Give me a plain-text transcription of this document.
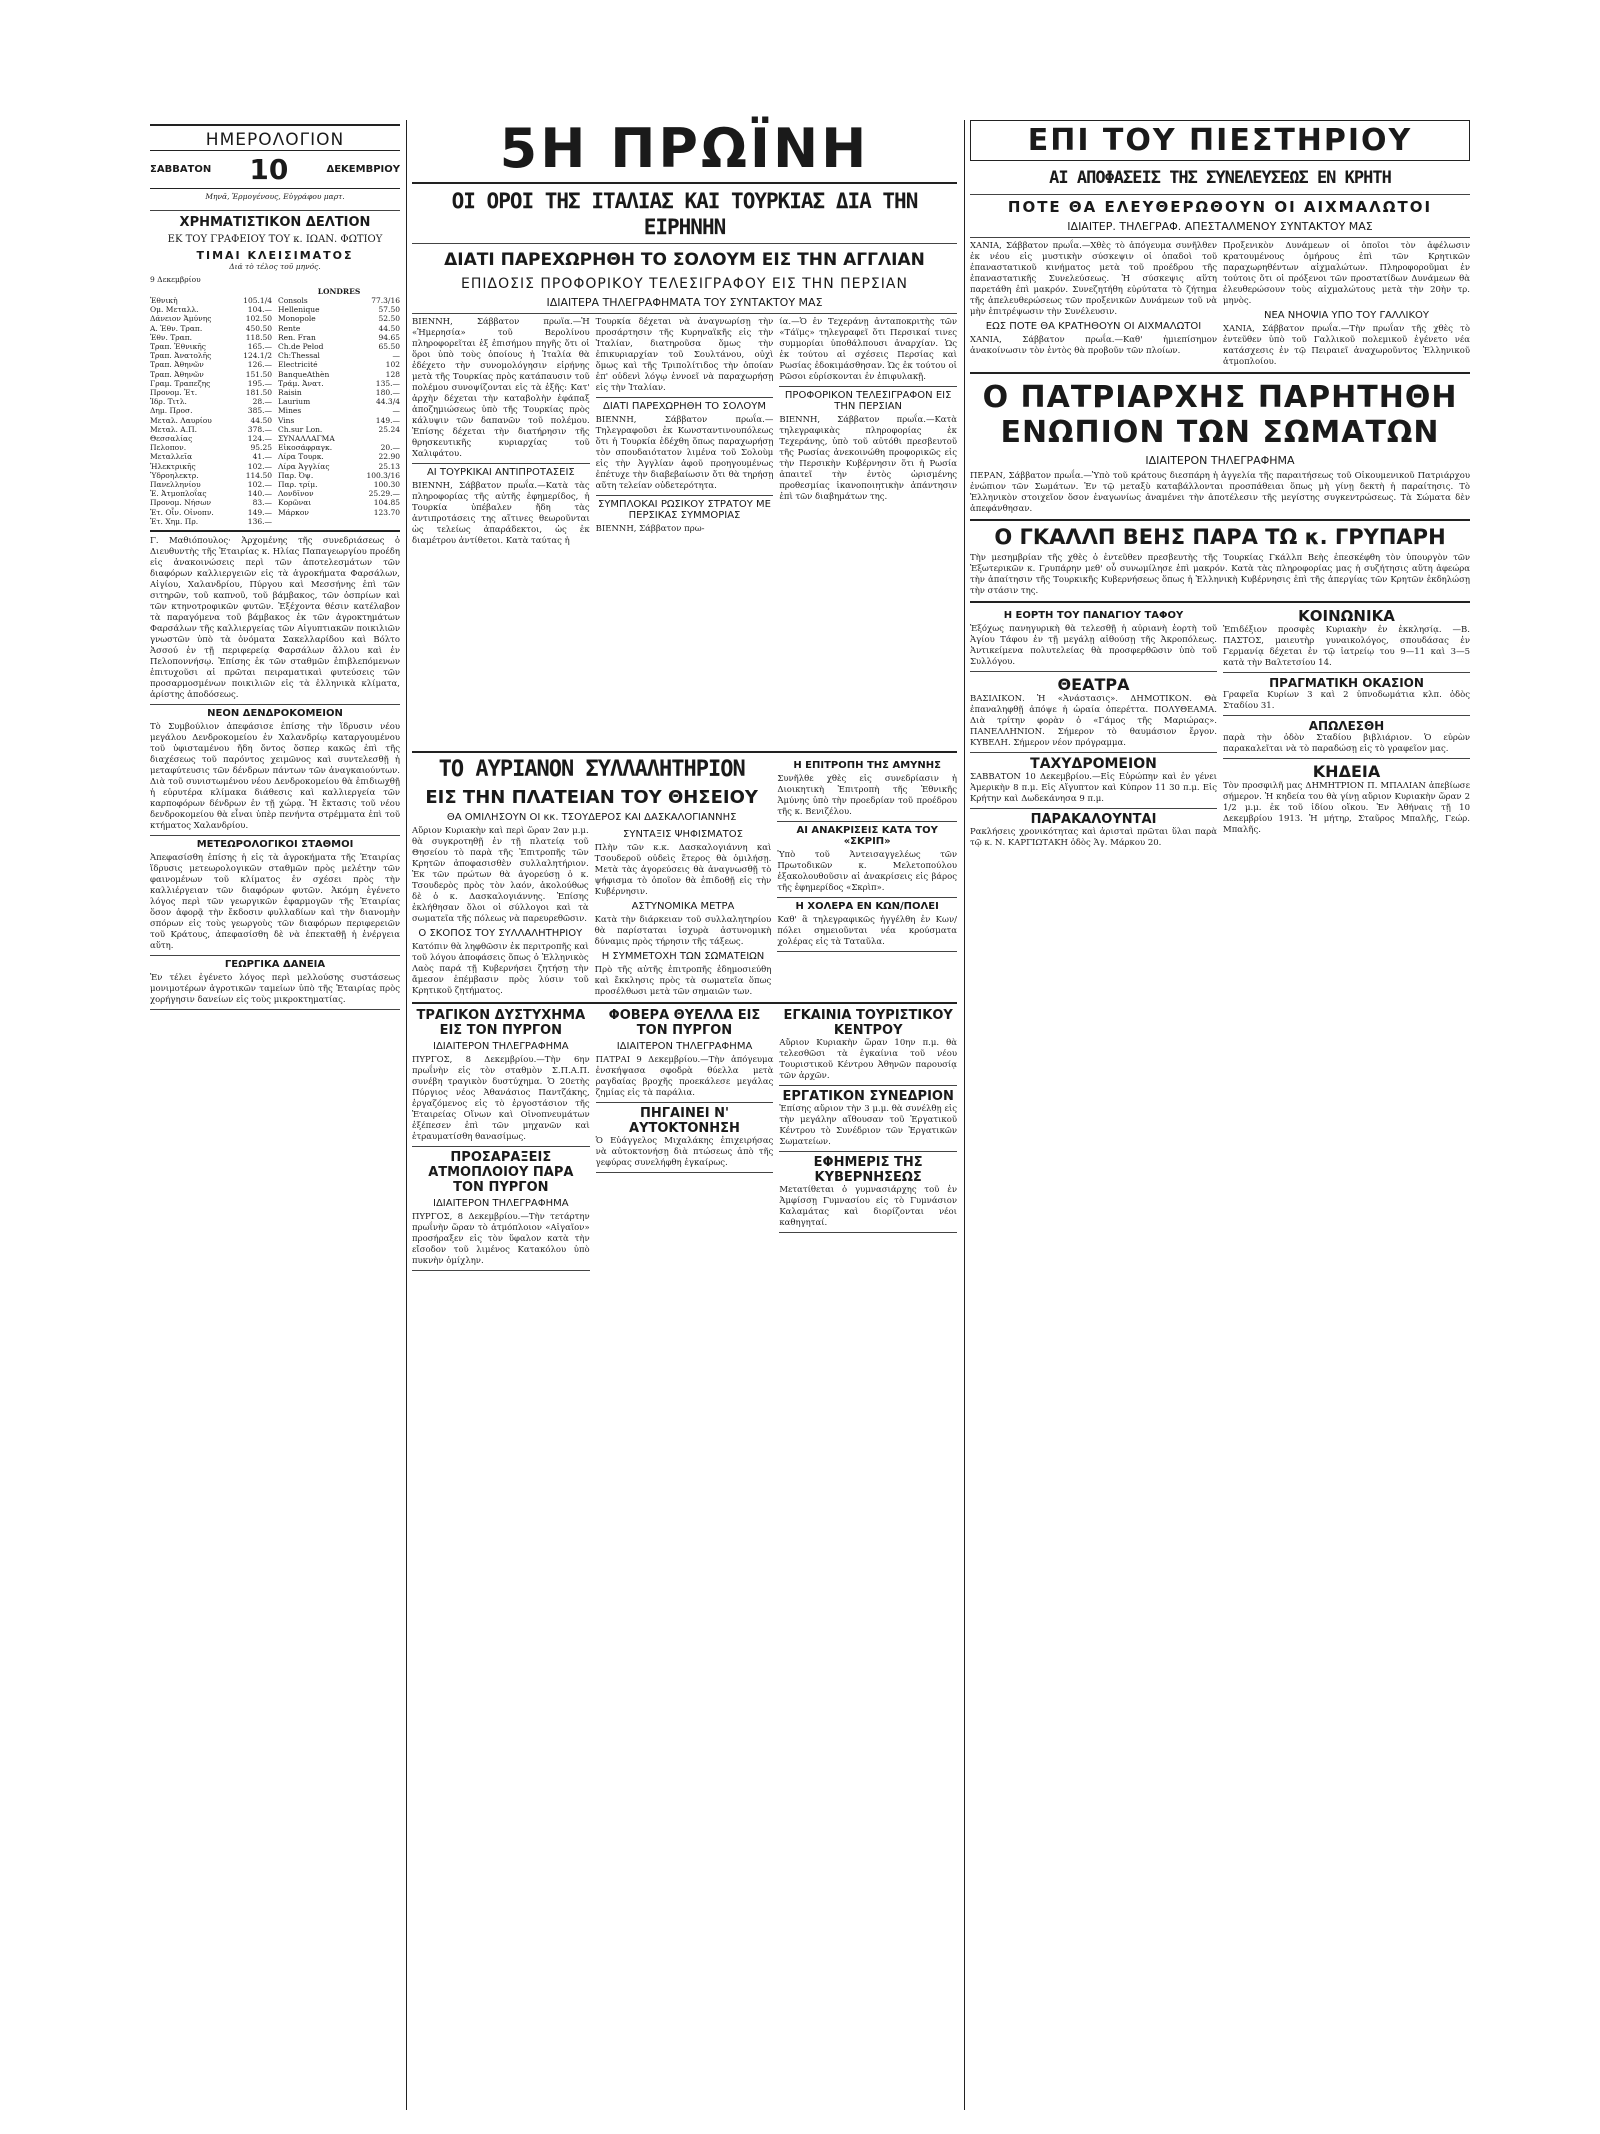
ΗΜΕΡΟΛΟΓΙΟΝ
ΣΑΒΒΑΤΟΝ 10	ΔΕΚΕΜΒΡΙΟΥ
Μηνᾶ, Ἑρμογένους, Εὐγράφου μαρτ.
ΧΡΗΜΑΤΙΣΤΙΚΟΝ ΔΕΛΤΙΟΝ
ΕΚ ΤΟΥ ΓΡΑΦΕΙΟΥ ΤΟΥ κ. ΙΩΑΝ. ΦΩΤΙΟΥ
ΤΙΜΑΙ ΚΛΕΙΣΙΜΑΤΟΣ
Διά τὸ τέλος τοῦ μηνός.
9 Δεκεμβρίου
Ἐθνικὴ	105.1/4
Ομ. Μεταλλ.	104.—
Δάνειον Ἀμύνης	102.50
Α. Ἐθν. Τραπ.	450.50
Ἐθν. Τραπ.	118.50
Τραπ. Ἐθνικῆς	165.—
Τραπ. Ἀνατολῆς	124.1/2
Τραπ. Ἀθηνῶν	126.—
Τραπ. Ἀθηνῶν	151.50
Γραμ. Τραπεζης	195.—
Προνομ. Ἐτ.	181.50
Ἰδρ. Τιτλ.	28.—
Δημ. Προσ.	385.—
Μεταλ. Λαυρίου	44.50
Μεταλ. Α.Π.	378.—
Θεσσαλίας	124.—
Πελοπον.	95.25
Μεταλλεῖα	41.—
Ἠλεκτρικῆς	102.—
Ὑδροηλεκτρ.	114.50
Πανελληνίου	102.—
Ἐ. Ἀτμοπλοΐας	140.—
Προνομ. Νήσων	83.—
Ἐτ. Οἶν. Οἰνοπν.	149.—
Ἐτ. Χημ. Πρ.	136.—
LONDRES
Consols	77.3/16
Hellenique	57.50
Monopole	52.50
Rente	44.50
Ren. Fran	94.65
Ch.de Pelod	65.50
Ch:Thessal	—
Electricité	102
BanqueAthèn	128
Τράμ. Ἀνατ.	135.—
Raisin	180.—
Laurium	44.3/4
Mines	—
Vins	149.—
Ch.sur Lon.	25.24
ΣΥΝΑΛΛΑΓΜΑ
Εἰκοσάφραγκ.	20.—
Λίρα Τουρκ.	22.90
Λίρα Ἀγγλίας	25.13
Παρ. Ὀψ.	100.3/16
Παρ. τρίμ.	100.30
Λονδῖνον	25.29.—
Κορῶναι	104.85
Μάρκον	123.70
Γ. Μαθιόπουλος· Ἀρχομένης τῆς συνεδριάσεως ὁ Διευθυντὴς τῆς Ἑταιρίας κ. Ηλίας Παπαγεωργίου προέδη εἰς ἀνακοινώσεις περὶ τῶν ἀποτελεσμάτων τῶν διαφόρων καλλιεργειῶν εἰς τὰ ἀγροκήματα Φαρσάλων, Αἰγίου, Χαλανδρίου, Πύργου καὶ Μεσσήνης ἐπὶ τῶν σιτηρῶν, τοῦ καπνοῦ, τοῦ βάμβακος, τῶν ὀσπρίων καὶ τῶν κτηνοτροφικῶν φυτῶν. Ἐξέχοντα θέσιν κατέλαβον τὰ παραγόμενα τοῦ βάμβακος ἐκ τῶν ἀγροκτημάτων Φαρσάλων τῆς καλλιεργείας τῶν Αἰγυπτιακῶν ποικιλιῶν γνωστῶν ὑπὸ τὰ ὀνόματα Σακελλαρίδου καὶ Βόλτο Ἀσσού ἐν τῇ περιφερείᾳ Φαρσάλων ἄλλου καὶ ἐν Πελοποννήσῳ. Ἐπίσης ἐκ τῶν σταθμῶν ἐπιβλεπόμενων ἐπιτυχοῦσι αἱ πρῶται πειραματικαὶ φυτεύσεις τῶν προσαρμοσμένων ποικιλιῶν εἰς τὰ ἑλληνικὰ κλίματα, ἀρίστης ἀποδόσεως.
ΝΕΟΝ ΔΕΝΔΡΟΚΟΜΕΙΟΝ
Τὸ Συμβούλιον ἀπεφάσισε ἐπίσης τὴν ἵδρυσιν νέου μεγάλου Δενδροκομείου ἐν Χαλανδρίῳ καταργουμένου τοῦ ὑφισταμένου ἤδη ὄντος ὅσπερ κακῶς ἐπὶ τῆς διαχέσεως τοῦ παρόντος χειμῶνος καὶ συντελεσθῇ ἡ μεταφύτευσις τῶν δένδρων πάντων τῶν ἀναγκαιούντων. Διὰ τοῦ συνιστωμένου νέου Δενδροκομείου θὰ ἐπιδιωχθῇ ἡ εὐρυτέρα κλίμακα διάθεσις καὶ καλλιεργεία τῶν καρποφόρων δένδρων ἐν τῇ χώρᾳ. Ἡ ἔκτασις τοῦ νέου δενδροκομείου θὰ εἶναι ὑπὲρ πενήντα στρέμματα ἐπὶ τοῦ κτήματος Χαλανδρίου.
ΜΕΤΕΩΡΟΛΟΓΙΚΟΙ ΣΤΑΘΜΟΙ
Ἀπεφασίσθη ἐπίσης ἡ εἰς τὰ ἀγροκήματα τῆς Ἑταιρίας ἵδρυσις μετεωρολογικῶν σταθμῶν πρὸς μελέτην τῶν φαινομένων τοῦ κλίματος ἐν σχέσει πρὸς τὴν καλλιέργειαν τῶν διαφόρων φυτῶν. Ἀκόμη ἐγένετο λόγος περὶ τῶν γεωργικῶν ἐφαρμογῶν τῆς Ἑταιρίας ὅσον ἀφορᾷ τὴν ἔκδοσιν φυλλαδίων καὶ τὴν διανομὴν σπόρων εἰς τοὺς γεωργοὺς τῶν διαφόρων περιφερειῶν τοῦ Κράτους, ἀπεφασίσθη δὲ νὰ ἐπεκταθῇ ἡ ἐνέργεια αὕτη.
ΓΕΩΡΓΙΚΑ ΔΑΝΕΙΑ
Ἐν τέλει ἐγένετο λόγος περὶ μελλούσης συστάσεως μονιμοτέρων ἀγροτικῶν ταμείων ὑπὸ τῆς Ἑταιρίας πρὸς χορήγησιν δανείων εἰς τοὺς μικροκτηματίας.
5Η ΠΡΩΪΝΗ
ΟΙ ΟΡΟΙ ΤΗΣ ΙΤΑΛΙΑΣ ΚΑΙ ΤΟΥΡΚΙΑΣ ΔΙΑ ΤΗΝ ΕΙΡΗΝΗΝ
ΔΙΑΤΙ ΠΑΡΕΧΩΡΗΘΗ ΤΟ ΣΟΛΟΥΜ ΕΙΣ ΤΗΝ ΑΓΓΛΙΑΝ
ΕΠΙΔΟΣΙΣ ΠΡΟΦΟΡΙΚΟΥ ΤΕΛΕΣΙΓΡΑΦΟΥ ΕΙΣ ΤΗΝ ΠΕΡΣΙΑΝ
ΙΔΙΑΙΤΕΡΑ ΤΗΛΕΓΡΑΦΗΜΑΤΑ ΤΟΥ ΣΥΝΤΑΚΤΟΥ ΜΑΣ
ΒΙΕΝΝΗ, Σάββατον πρωΐα.—Ἡ «Ἡμερησία» τοῦ Βερολίνου πληροφορεῖται ἐξ ἐπισήμου πηγῆς ὅτι οἱ ὅροι ὑπὸ τοὺς ὁποίους ἡ Ἰταλία θὰ ἐδέχετο τὴν συνομολόγησιν εἰρήνης μετὰ τῆς Τουρκίας πρὸς κατάπαυσιν τοῦ πολέμου συνοψίζονται εἰς τὰ ἑξῆς: Κατ' ἀρχὴν δέχεται τὴν καταβολὴν ἐφάπαξ ἀποζημιώσεως ὑπὸ τῆς Τουρκίας πρὸς κάλυψιν τῶν δαπανῶν τοῦ πολέμου. Ἐπίσης δέχεται τὴν διατήρησιν τῆς θρησκευτικῆς κυριαρχίας τοῦ Χαλιφάτου.
ΑΙ ΤΟΥΡΚΙΚΑΙ ΑΝΤΙΠΡΟΤΑΣΕΙΣ
ΒΙΕΝΝΗ, Σάββατον πρωΐα.—Κατὰ τὰς πληροφορίας τῆς αὐτῆς ἐφημερίδος, ἡ Τουρκία ὑπέβαλεν ἤδη τὰς ἀντιπροτάσεις της αἵτινες θεωροῦνται ὡς τελείως ἀπαράδεκτοι, ὡς ἐκ διαμέτρου ἀντίθετοι. Κατὰ ταύτας ἡ
Τουρκία δέχεται νὰ ἀναγνωρίσῃ τὴν προσάρτησιν τῆς Κυρηναϊκῆς εἰς τὴν Ἰταλίαν, διατηροῦσα ὅμως τὴν ἐπικυριαρχίαν τοῦ Σουλτάνου, οὐχὶ ὅμως καὶ τῆς Τριπολίτιδος τὴν ὁποίαν ἐπ' οὐδενὶ λόγῳ ἐννοεῖ νὰ παραχωρήσῃ εἰς τὴν Ἰταλίαν.
ΔΙΑΤΙ ΠΑΡΕΧΩΡΗΘΗ ΤΟ ΣΟΛΟΥΜ
ΒΙΕΝΝΗ, Σάββατον πρωΐα.—Τηλεγραφοῦσι ἐκ Κωνσταντινουπόλεως ὅτι ἡ Τουρκία ἐδέχθη ὅπως παραχωρήσῃ τὸν σπουδαιότατον λιμένα τοῦ Σολοὺμ εἰς τὴν Ἀγγλίαν ἀφοῦ προηγουμένως ἐπέτυχε τὴν διαβεβαίωσιν ὅτι θὰ τηρήσῃ αὕτη τελείαν οὐδετερότητα.
ΣΥΜΠΛΟΚΑΙ ΡΩΣΙΚΟΥ ΣΤΡΑΤΟΥ ΜΕ ΠΕΡΣΙΚΑΣ ΣΥΜΜΟΡΙΑΣ
ΒΙΕΝΝΗ, Σάββατον πρω-
ία.—Ὁ ἐν Τεχεράνῃ ἀνταποκριτὴς τῶν «Τάϊμς» τηλεγραφεῖ ὅτι Περσικαί τινες συμμορίαι ὑποθάλπουσι ἀναρχίαν. Ὡς ἐκ τούτου αἱ σχέσεις Περσίας καὶ Ρωσίας ἐδοκιμάσθησαν. Ὡς ἐκ τούτου οἱ Ρῶσοι εὑρίσκονται ἐν ἐπιφυλακῇ.
ΠΡΟΦΟΡΙΚΟΝ ΤΕΛΕΣΙΓΡΑΦΟΝ ΕΙΣ ΤΗΝ ΠΕΡΣΙΑΝ
ΒΙΕΝΝΗ, Σάββατον πρωΐα.—Κατὰ τηλεγραφικὰς πληροφορίας ἐκ Τεχεράνης, ὑπὸ τοῦ αὐτόθι πρεσβευτοῦ τῆς Ρωσίας ἀνεκοινώθη προφορικῶς εἰς τὴν Περσικὴν Κυβέρνησιν ὅτι ἡ Ρωσία ἀπαιτεῖ τὴν ἐντὸς ὡρισμένης προθεσμίας ἱκανοποιητικὴν ἀπάντησιν ἐπὶ τῶν διαβημάτων της.
ΤΟ ΑΥΡΙΑΝΟΝ ΣΥΛΛΑΛΗΤΗΡΙΟΝ
ΕΙΣ ΤΗΝ ΠΛΑΤΕΙΑΝ ΤΟΥ ΘΗΣΕΙΟΥ
ΘΑ ΟΜΙΛΗΣΟΥΝ ΟΙ κκ. ΤΣΟΥΔΕΡΟΣ ΚΑΙ ΔΑΣΚΑΛΟΓΙΑΝΝΗΣ
Αὔριον Κυριακὴν καὶ περὶ ὥραν 2αν μ.μ. θὰ συγκροτηθῇ ἐν τῇ πλατείᾳ τοῦ Θησείου τὸ παρὰ τῆς Ἐπιτροπῆς τῶν Κρητῶν ἀποφασισθὲν συλλαλητήριον. Ἐκ τῶν πρώτων θὰ ἀγορεύσῃ ὁ κ. Τσουδερὸς πρὸς τὸν λαόν, ἀκολούθως δὲ ὁ κ. Δασκαλογιάννης. Ἐπίσης ἐκλήθησαν ὅλοι οἱ σύλλογοι καὶ τὰ σωματεῖα τῆς πόλεως νὰ παρευρεθῶσιν.
Ο ΣΚΟΠΟΣ ΤΟΥ ΣΥΛΛΑΛΗΤΗΡΙΟΥ
Κατόπιν θὰ ληφθῶσιν ἐκ περιτροπῆς καὶ τοῦ λόγου ἀποφάσεις ὅπως ὁ Ἑλληνικὸς Λαὸς παρά τῇ Κυβερνήσει ζητήσῃ τὴν ἄμεσον ἐπέμβασιν πρὸς λύσιν τοῦ Κρητικοῦ ζητήματος.
ΣΥΝΤΑΞΙΣ ΨΗΦΙΣΜΑΤΟΣ
Πλὴν τῶν κ.κ. Δασκαλογιάννη καὶ Τσουδεροῦ οὐδεὶς ἕτερος θὰ ὁμιλήσῃ. Μετὰ τὰς ἀγορεύσεις θὰ ἀναγνωσθῇ τὸ ψήφισμα τὸ ὁποῖον θὰ ἐπιδοθῇ εἰς τὴν Κυβέρνησιν.
ΑΣΤΥΝΟΜΙΚΑ ΜΕΤΡΑ
Κατὰ τὴν διάρκειαν τοῦ συλλαλητηρίου θὰ παρίσταται ἰσχυρὰ ἀστυνομικὴ δύναμις πρὸς τήρησιν τῆς τάξεως.
Η ΣΥΜΜΕΤΟΧΗ ΤΩΝ ΣΩΜΑΤΕΙΩΝ
Πρὸ τῆς αὐτῆς ἐπιτροπῆς ἐδημοσιεύθη καὶ ἔκκλησις πρὸς τὰ σωματεῖα ὅπως προσέλθωσι μετὰ τῶν σημαιῶν των.
Η ΕΠΙΤΡΟΠΗ ΤΗΣ ΑΜΥΝΗΣ
Συνῆλθε χθὲς εἰς συνεδρίασιν ἡ Διοικητικὴ Ἐπιτροπὴ τῆς Ἐθνικῆς Ἀμύνης ὑπὸ τὴν προεδρίαν τοῦ προέδρου τῆς κ. Βενιζέλου.
ΑΙ ΑΝΑΚΡΙΣΕΙΣ ΚΑΤΑ ΤΟΥ «ΣΚΡΙΠ»
Ὑπὸ τοῦ Ἀντεισαγγελέως τῶν Πρωτοδικῶν κ. Μελετοπούλου ἐξακολουθοῦσιν αἱ ἀνακρίσεις εἰς βάρος τῆς ἐφημερίδος «Σκρὶπ».
Η ΧΟΛΕΡΑ ΕΝ ΚΩΝ/ΠΟΛΕΙ
Καθ' ἃ τηλεγραφικῶς ἠγγέλθη ἐν Κων/πόλει σημειοῦνται νέα κρούσματα χολέρας εἰς τὰ Ταταῦλα.
ΤΡΑΓΙΚΟΝ ΔΥΣΤΥΧΗΜΑ ΕΙΣ ΤΟΝ ΠΥΡΓΟΝ
ΙΔΙΑΙΤΕΡΟΝ ΤΗΛΕΓΡΑΦΗΜΑ
ΠΥΡΓΟΣ, 8 Δεκεμβρίου.—Τὴν 6ην πρωΐνὴν εἰς τὸν σταθμὸν Σ.Π.Α.Π. συνέβη τραγικὸν δυστύχημα. Ὁ 20ετὴς Πύργιος νέος Ἀθανάσιος Παντζάκης, ἐργαζόμενος εἰς τὸ ἐργοστάσιον τῆς Ἑταιρείας Οἴνων καὶ Οἰνοπνευμάτων ἐξέπεσεν ἐπὶ τῶν μηχανῶν καὶ ἐτραυματίσθη θανασίμως.
ΠΡΟΣΑΡΑΞΕΙΣ ΑΤΜΟΠΛΟΙΟΥ ΠΑΡΑ ΤΟΝ ΠΥΡΓΟΝ
ΙΔΙΑΙΤΕΡΟΝ ΤΗΛΕΓΡΑΦΗΜΑ
ΠΥΡΓΟΣ, 8 Δεκεμβρίου.—Τὴν τετάρτην πρωΐνὴν ὥραν τὸ ἀτμόπλοιον «Αἰγαῖον» προσήραξεν εἰς τὸν ὕφαλον κατὰ τὴν εἴσοδον τοῦ λιμένος Κατακόλου ὑπὸ πυκνὴν ὁμίχλην.
ΦΟΒΕΡΑ ΘΥΕΛΛΑ ΕΙΣ ΤΟΝ ΠΥΡΓΟΝ
ΙΔΙΑΙΤΕΡΟΝ ΤΗΛΕΓΡΑΦΗΜΑ
ΠΑΤΡΑΙ 9 Δεκεμβρίου.—Τὴν ἀπόγευμα ἐνσκήψασα σφοδρὰ θύελλα μετὰ ραγδαίας βροχῆς προεκάλεσε μεγάλας ζημίας εἰς τὰ παράλια.
ΠΗΓΑΙΝΕΙ Ν' ΑΥΤΟΚΤΟΝΗΣΗ
Ὁ Εὐάγγελος Μιχαλάκης ἐπιχειρήσας νὰ αὐτοκτονήσῃ διὰ πτώσεως ἀπὸ τῆς γεφύρας συνελήφθη ἐγκαίρως.
ΕΓΚΑΙΝΙΑ ΤΟΥΡΙΣΤΙΚΟΥ ΚΕΝΤΡΟΥ
Αὔριον Κυριακὴν ὥραν 10ην π.μ. θὰ τελεσθῶσι τὰ ἐγκαίνια τοῦ νέου Τουριστικοῦ Κέντρου Ἀθηνῶν παρουσίᾳ τῶν ἀρχῶν.
ΕΡΓΑΤΙΚΟΝ ΣΥΝΕΔΡΙΟΝ
Ἐπίσης αὔριον τὴν 3 μ.μ. θὰ συνέλθῃ εἰς τὴν μεγάλην αἴθουσαν τοῦ Ἐργατικοῦ Κέντρου τὸ Συνέδριον τῶν Ἐργατικῶν Σωματείων.
ΕΦΗΜΕΡΙΣ ΤΗΣ ΚΥΒΕΡΝΗΣΕΩΣ
Μετατίθεται ὁ γυμνασιάρχης τοῦ ἐν Ἀμφίσσῃ Γυμνασίου εἰς τὸ Γυμνάσιον Καλαμάτας καὶ διορίζονται νέοι καθηγηταί.
ΕΠΙ ΤΟΥ ΠΙΕΣΤΗΡΙΟΥ
ΑΙ ΑΠΟΦΑΣΕΙΣ ΤΗΣ ΣΥΝΕΛΕΥΣΕΩΣ ΕΝ ΚΡΗΤΗ
ΠΟΤΕ ΘΑ ΕΛΕΥΘΕΡΩΘΟΥΝ ΟΙ ΑΙΧΜΑΛΩΤΟΙ
ΙΔΙΑΙΤΕΡ. ΤΗΛΕΓΡΑΦ. ΑΠΕΣΤΑΛΜΕΝΟΥ ΣΥΝΤΑΚΤΟΥ ΜΑΣ
ΧΑΝΙΑ, Σάββατον πρωΐα.—Χθὲς τὸ ἀπόγευμα συνῆλθεν ἐκ νέου εἰς μυστικὴν σύσκεψιν οἱ ὁπαδοὶ τοῦ ἐπαναστατικοῦ κινήματος μετὰ τοῦ προέδρου τῆς ἐπαναστατικῆς Συνελεύσεως. Ἡ σύσκεψις αὕτη παρετάθη ἐπὶ μακρόν. Συνεζητήθη εὐρύτατα τὸ ζήτημα τῆς ἀπελευθερώσεως τῶν προξενικῶν Δυνάμεων τοῦ νὰ μὴν ἐπιτρέψωσιν τὴν Συνέλευσιν.
ΕΩΣ ΠΟΤΕ ΘΑ ΚΡΑΤΗΘΟΥΝ ΟΙ ΑΙΧΜΑΛΩΤΟΙ
ΧΑΝΙΑ, Σάββατον πρωΐα.—Καθ' ἡμιεπίσημον ἀνακοίνωσιν τὸν ἐντὸς θὰ προβοῦν τῶν πλοίων.
Προξενικὸν Δυνάμεων οἱ ὁποῖοι τὸν ἀφέλωσιν κρατουμένους ὁμήρους ἐπὶ τῶν Κρητικῶν παραχωρηθέντων αἰχμαλώτων. Πληροφοροῦμαι ἐν τούτοις ὅτι οἱ πρόξενοι τῶν προστατίδων Δυνάμεων θὰ ἐλευθερώσουν τοὺς αἰχμαλώτους μετὰ τὴν 20ὴν τρ. μηνὸς.
ΝΕΑ ΝΗΟΨΙΑ ΥΠΟ ΤΟΥ ΓΑΛΛΙΚΟΥ
ΧΑΝΙΑ, Σάββατον πρωΐα.—Τὴν πρωΐαν τῆς χθὲς τὸ ἐντεῦθεν ὑπὸ τοῦ Γαλλικοῦ πολεμικοῦ ἐγένετο νέα κατάσχεσις ἐν τῷ Πειραιεῖ ἀναχωροῦντος Ἑλληνικοῦ ἀτμοπλοίου.
Ο ΠΑΤΡΙΑΡΧΗΣ ΠΑΡΗΤΗΘΗ
ΕΝΩΠΙΟΝ ΤΩΝ ΣΩΜΑΤΩΝ
ΙΔΙΑΙΤΕΡΟΝ ΤΗΛΕΓΡΑΦΗΜΑ
ΠΕΡΑΝ, Σάββατον πρωΐα.—Ὑπὸ τοῦ κράτους διεσπάρη ἡ ἀγγελία τῆς παραιτήσεως τοῦ Οἰκουμενικοῦ Πατριάρχου ἐνώπιον τῶν Σωμάτων. Ἐν τῷ μεταξὺ καταβάλλονται προσπάθειαι ὅπως μὴ γίνῃ δεκτὴ ἡ παραίτησις. Τὸ Ἑλληνικὸν στοιχεῖον ὅσον ἐναγωνίως ἀναμένει τὴν ἀποτέλεσιν τῆς μεγίστης συγκεντρώσεως. Τὰ Σώματα δὲν ἀπεφάνθησαν.
Ο ΓΚΑΛΛΠ ΒΕΗΣ ΠΑΡΑ ΤΩ κ. ΓΡΥΠΑΡΗ
Τὴν μεσημβρίαν τῆς χθὲς ὁ ἐντεῦθεν πρεσβευτὴς τῆς Τουρκίας Γκάλλπ Βεὴς ἐπεσκέφθη τὸν ὑπουργὸν τῶν Ἐξωτερικῶν κ. Γρυπάρην μεθ' οὗ συνωμίλησε ἐπὶ μακρόν. Κατὰ τὰς πληροφορίας μας ἡ συζήτησις αὕτη ἀφεώρα τὴν ἀπαίτησιν τῆς Τουρκικῆς Κυβερνήσεως ὅπως ἡ Ἑλληνικὴ Κυβέρνησις ἐπὶ τῆς ἀπεργίας τῶν Κρητῶν ἐκδηλώσῃ τὴν στάσιν της.
Η ΕΟΡΤΗ ΤΟΥ ΠΑΝΑΓΙΟΥ ΤΑΦΟΥ
Ἐξόχως πανηγυρικὴ θὰ τελεσθῇ ἡ αὐριανὴ ἑορτὴ τοῦ Ἁγίου Τάφου ἐν τῇ μεγάλῃ αἰθούσῃ τῆς Ἀκροπόλεως. Ἀντικείμενα πολυτελείας θὰ προσφερθῶσιν ὑπὸ τοῦ Συλλόγου.
ΘΕΑΤΡΑ
ΒΑΣΙΛΙΚΟΝ. Ἡ «Ἀνάστασις». ΔΗΜΟΤΙΚΟΝ. Θὰ ἐπαναληφθῇ ἀπόψε ἡ ὡραία ὀπερέττα. ΠΟΛΥΘΕΑΜΑ. Διὰ τρίτην φορὰν ὁ «Γάμος τῆς Μαριώρας». ΠΑΝΕΛΛΗΝΙΟΝ. Σήμερον τὸ θαυμάσιον ἔργον. ΚΥΒΕΛΗ. Σήμερον νέον πρόγραμμα.
ΤΑΧΥΔΡΟΜΕΙΟΝ
ΣΑΒΒΑΤΟΝ 10 Δεκεμβρίου.—Εἰς Εὐρώπην καὶ ἐν γένει Ἀμερικὴν 8 π.μ. Εἰς Αἴγυπτον καὶ Κύπρον 11 30 π.μ. Εἰς Κρήτην καὶ Δωδεκάνησα 9 π.μ.
ΠΑΡΑΚΑΛΟΥΝΤΑΙ
Ρακλήσεις χρονικότητας καὶ ἀρισταὶ πρῶται ὕλαι παρὰ τῷ κ. Ν. ΚΑΡΓΙΩΤΑΚΗ ὁδὸς Ἁγ. Μάρκου 20.
ΚΟΙΝΩΝΙΚΑ
Ἐπιδέξιον προσφὲς Κυριακὴν ἐν ἐκκλησίᾳ. —Β. ΠΑΣΤΟΣ, μαιευτὴρ γυναικολόγος, σπουδάσας ἐν Γερμανίᾳ δέχεται ἐν τῷ ἰατρείῳ του 9—11 καὶ 3—5 κατὰ τὴν Βαλτετσίου 14.
ΠΡΑΓΜΑΤΙΚΗ ΟΚΑΣΙΟΝ
Γραφεῖα Κυρίων 3 καὶ 2 ὑπνοδωμάτια κλπ. ὁδὸς Σταδίου 31.
ΑΠΩΛΕΣΘΗ
παρὰ τὴν ὁδὸν Σταδίου βιβλιάριον. Ὁ εὑρὼν παρακαλεῖται νὰ τὸ παραδώσῃ εἰς τὸ γραφεῖον μας.
ΚΗΔΕΙΑ
Τὸν προσφιλῆ μας ΔΗΜΗΤΡΙΟΝ Π. ΜΠΑΛΙΑΝ ἀπεβίωσε σήμερον. Ἡ κηδεία του θὰ γίνῃ αὔριον Κυριακὴν ὥραν 2 1/2 μ.μ. ἐκ τοῦ ἰδίου οἴκου. Ἐν Ἀθήναις τῇ 10 Δεκεμβρίου 1913. Ἡ μήτηρ, Σταῦρος Μπαλῆς, Γεώρ. Μπαλῆς.
